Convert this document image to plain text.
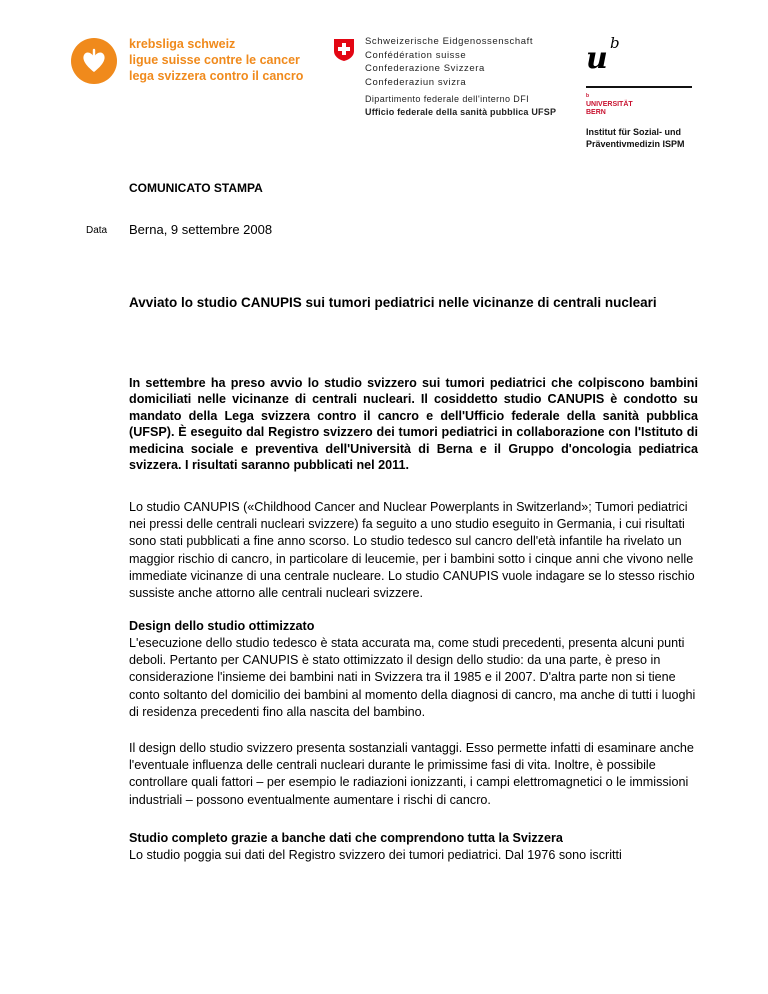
krebsliga schweiz
ligue suisse contre le cancer
lega svizzera contro il cancro
Schweizerische Eidgenossenschaft
Confédération suisse
Confederazione Svizzera
Confederaziun svizra
Dipartimento federale dell'interno DFI
Ufficio federale della sanità pubblica UFSP
u b
b
UNIVERSITÄT
BERN
Institut für Sozial- und
Präventivmedizin ISPM
COMUNICATO STAMPA
Data Berna, 9 settembre 2008
Avviato lo studio CANUPIS sui tumori pediatrici nelle vicinanze di centrali nucleari
In settembre ha preso avvio lo studio svizzero sui tumori pediatrici che colpiscono bambini domiciliati nelle vicinanze di centrali nucleari. Il cosiddetto studio CANUPIS è condotto su mandato della Lega svizzera contro il cancro e dell'Ufficio federale della sanità pubblica (UFSP). È eseguito dal Registro svizzero dei tumori pediatrici in collaborazione con l'Istituto di medicina sociale e preventiva dell'Università di Berna e il Gruppo d'oncologia pediatrica svizzera. I risultati saranno pubblicati nel 2011.

Lo studio CANUPIS («Childhood Cancer and Nuclear Powerplants in Switzerland»; Tumori pediatrici nei pressi delle centrali nucleari svizzere) fa seguito a uno studio eseguito in Germania, i cui risultati sono stati pubblicati a fine anno scorso. Lo studio tedesco sul cancro dell'età infantile ha rivelato un maggior rischio di cancro, in particolare di leucemie, per i bambini sotto i cinque anni che vivono nelle immediate vicinanze di una centrale nucleare. Lo studio CANUPIS vuole indagare se lo stesso rischio sussiste anche attorno alle centrali nucleari svizzere.

Design dello studio ottimizzato

L'esecuzione dello studio tedesco è stata accurata ma, come studi precedenti, presenta alcuni punti deboli. Pertanto per CANUPIS è stato ottimizzato il design dello studio: da una parte, è preso in considerazione l'insieme dei bambini nati in Svizzera tra il 1985 e il 2007. D'altra parte non si tiene conto soltanto del domicilio dei bambini al momento della diagnosi di cancro, ma anche di tutti i luoghi di residenza precedenti fino alla nascita del bambino.

Il design dello studio svizzero presenta sostanziali vantaggi. Esso permette infatti di esaminare anche l'eventuale influenza delle centrali nucleari durante le primissime fasi di vita. Inoltre, è possibile controllare quali fattori – per esempio le radiazioni ionizzanti, i campi elettromagnetici o le immissioni industriali – possono eventualmente aumentare i rischi di cancro.

Studio completo grazie a banche dati che comprendono tutta la Svizzera

Lo studio poggia sui dati del Registro svizzero dei tumori pediatrici. Dal 1976 sono iscritti
